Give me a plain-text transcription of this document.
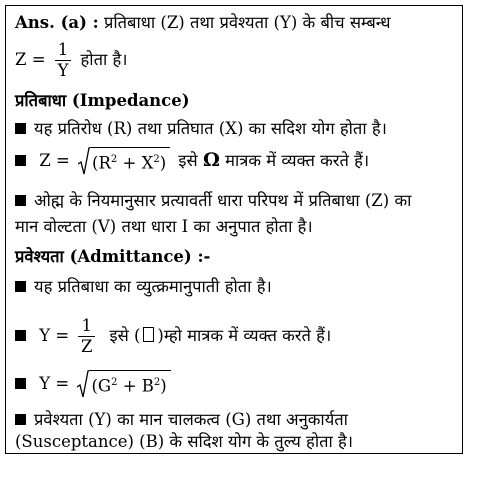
Ans. (a) : प्रतिबाधा (Z) तथा प्रवेश्यता (Y) के बीच सम्बन्ध
$Z = \frac{1}{Y}$ होता है।
प्रतिबाधा (Impedance)
यह प्रतिरोध (R) तथा प्रतिघात (X) का सदिश योग होता है।
$Z = (R^2 + X^2)$ इसे Ω मात्रक में व्यक्त करते हैं।
ओह्म के नियमानुसार प्रत्यावर्ती धारा परिपथ में प्रतिबाधा (Z) का
मान वोल्टता (V) तथा धारा I का अनुपात होता है।
प्रवेश्यता (Admittance) :-
यह प्रतिबाधा का व्युत्क्रमानुपाती होता है।
$Y = \frac{1}{Z}$ इसे ( )म्हो मात्रक में व्यक्त करते हैं।
$Y = (G^2 + B^2)$
प्रवेश्यता (Y) का मान चालकत्व (G) तथा अनुकार्यता
(Susceptance) (B) के सदिश योग के तुल्य होता है।
